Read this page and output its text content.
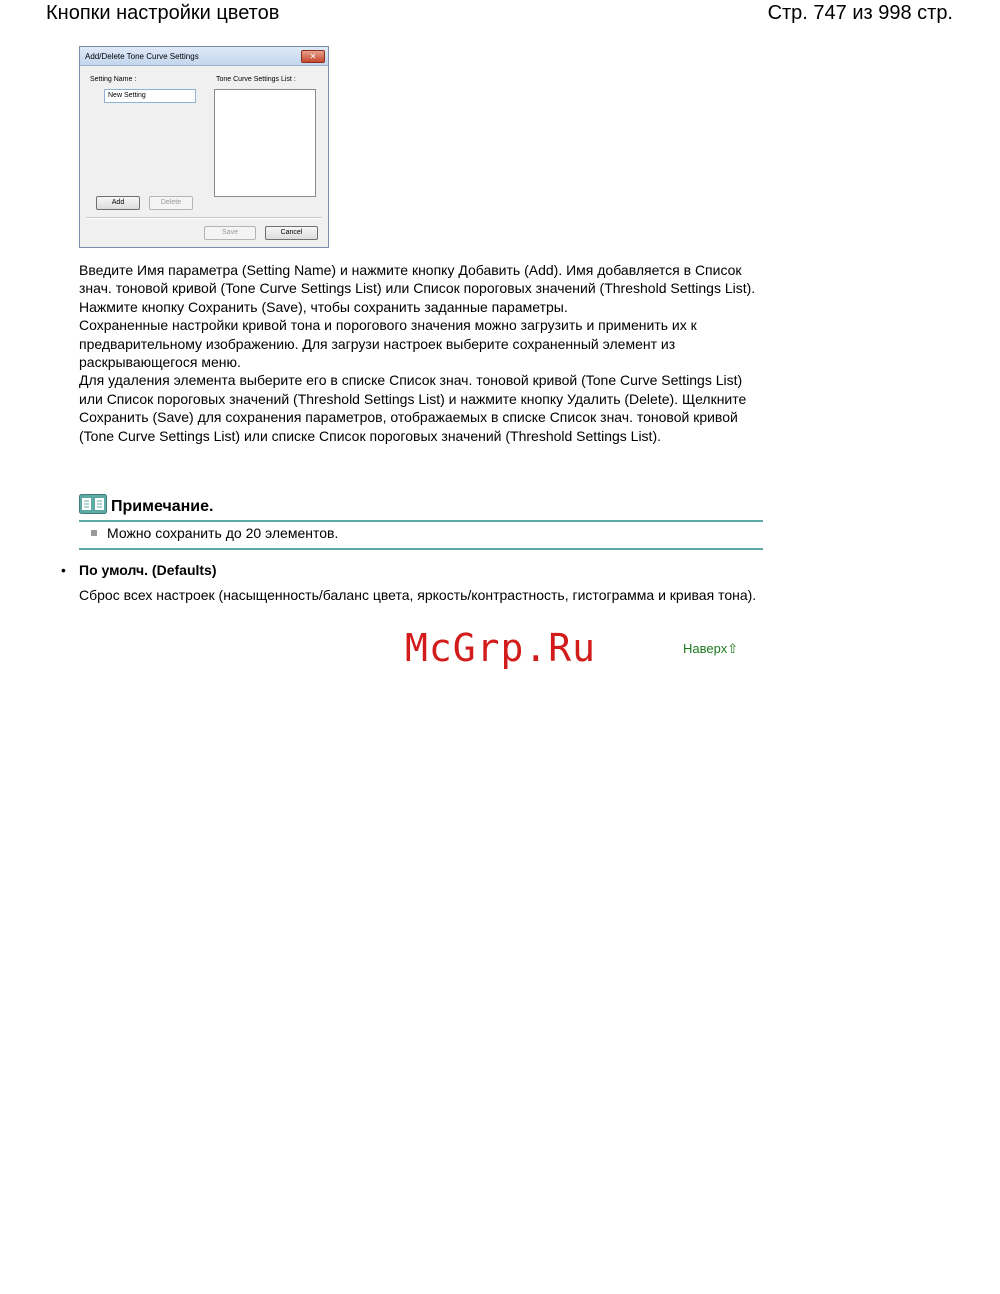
Кнопки настройки цветов	Стр. 747 из 998 стр.
Add/Delete Tone Curve Settings	✕
Setting Name :	Tone Curve Settings List :
New Setting
Add	Delete
Save	Cancel

Введите Имя параметра (Setting Name) и нажмите кнопку Добавить (Add). Имя добавляется в Список знач. тоновой кривой (Tone Curve Settings List) или Список пороговых значений (Threshold Settings List).

Нажмите кнопку Сохранить (Save), чтобы сохранить заданные параметры.

Сохраненные настройки кривой тона и порогового значения можно загрузить и применить их к предварительному изображению. Для загрузи настроек выберите сохраненный элемент из раскрывающегося меню.

Для удаления элемента выберите его в списке Список знач. тоновой кривой (Tone Curve Settings List) или Список пороговых значений (Threshold Settings List) и нажмите кнопку Удалить (Delete). Щелкните Сохранить (Save) для сохранения параметров, отображаемых в списке Список знач. тоновой кривой (Tone Curve Settings List) или списке Список пороговых значений (Threshold Settings List).

Примечание.
Можно сохранить до 20 элементов.
• По умолч. (Defaults)
Сброс всех настроек (насыщенность/баланс цвета, яркость/контрастность, гистограмма и кривая тона).
McGrp.Ru	Наверх⇧
